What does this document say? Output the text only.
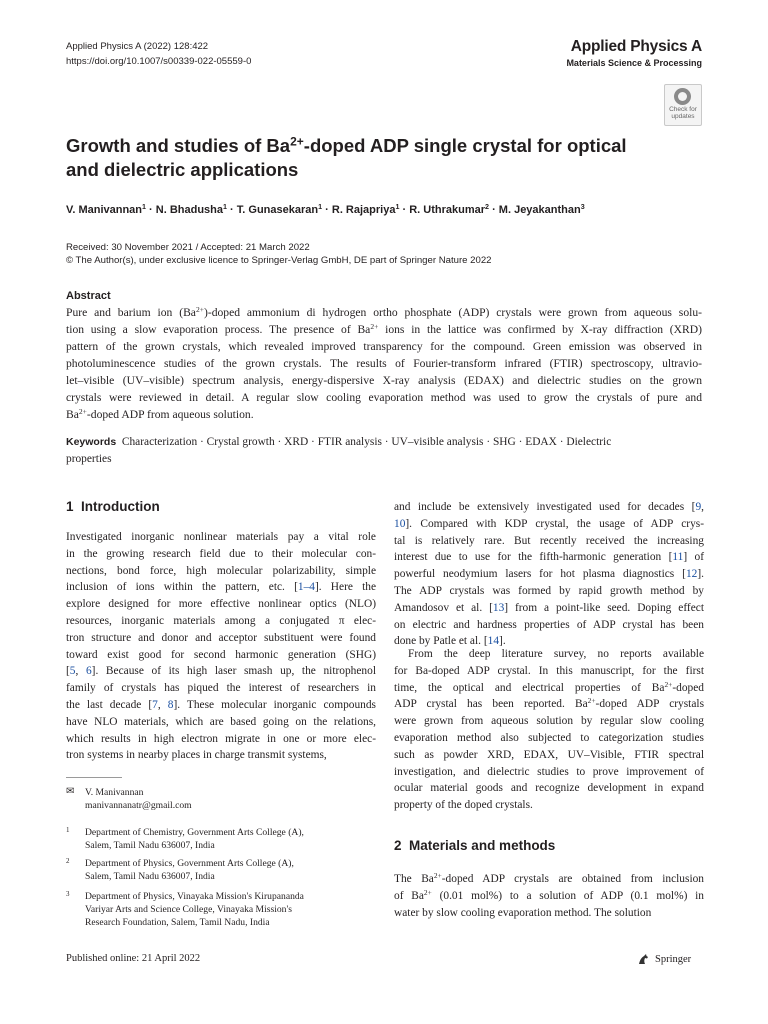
Applied Physics A (2022) 128:422
https://doi.org/10.1007/s00339-022-05559-0
Applied Physics A
Materials Science & Processing
Check for updates
Growth and studies of $Ba^{2+}$-doped ADP single crystal for optical
and dielectric applications
V. Manivannan$^1$ · N. Bhadusha$^1$ · T. Gunasekaran$^1$ · R. Rajapriya$^1$ · R. Uthrakumar$^2$ · M. Jeyakanthan$^3$
Received: 30 November 2021 / Accepted: 21 March 2022
© The Author(s), under exclusive licence to Springer-Verlag GmbH, DE part of Springer Nature 2022
Abstract
Pure and barium ion $(Ba^{2+})$-doped ammonium di hydrogen ortho phosphate (ADP) crystals were grown from aqueous solu-
tion using a slow evaporation process. The presence of $Ba^{2+}$ ions in the lattice was confirmed by X-ray diffraction (XRD)
pattern of the grown crystals, which revealed improved transparency for the compound. Green emission was observed in
photoluminescence studies of the grown crystals. The results of Fourier-transform infrared (FTIR) spectroscopy, ultravio-
let–visible (UV–visible) spectrum analysis, energy-dispersive X-ray analysis (EDAX) and dielectric studies on the grown
crystals were reviewed in detail. A regular slow cooling evaporation method was used to grow the crystals of pure and
$Ba^{2+}$-doped ADP from aqueous solution.
Keywords Characterization · Crystal growth · XRD · FTIR analysis · UV–visible analysis · SHG · EDAX · Dielectric
properties
1 Introduction
Investigated inorganic nonlinear materials pay a vital role
in the growing research field due to their molecular con-
nections, bond force, high molecular polarizability, simple
inclusion of ions within the pattern, etc. [1–4]. Here the
explore designed for more effective nonlinear optics (NLO)
resources, inorganic materials among a conjugated π elec-
tron structure and donor and acceptor substituent were found
toward exist good for second harmonic generation (SHG)
[5, 6]. Because of its high laser smash up, the nitrophenol
family of crystals has piqued the interest of researchers in
the last decade [7, 8]. These molecular inorganic compounds
have NLO materials, which are based going on the relations,
which results in high electron migrate in one or more elec-
tron systems in nearby places in charge transmit systems,
✉ V. Manivannan
manivannanatr@gmail.com
1 Department of Chemistry, Government Arts College (A),
Salem, Tamil Nadu 636007, India
2 Department of Physics, Government Arts College (A),
Salem, Tamil Nadu 636007, India
3 Department of Physics, Vinayaka Mission's Kirupananda
Variyar Arts and Science College, Vinayaka Mission's
Research Foundation, Salem, Tamil Nadu, India
and include be extensively investigated used for decades [9,
10]. Compared with KDP crystal, the usage of ADP crys-
tal is relatively rare. But recently received the increasing
interest due to use for the fifth-harmonic generation [11] of
powerful neodymium lasers for hot plasma diagnostics [12].
The ADP crystals was formed by rapid growth method by
Amandosov et al. [13] from a point-like seed. Doping effect
on electric and hardness properties of ADP crystal has been
done by Patle et al. [14].
From the deep literature survey, no reports available
for Ba-doped ADP crystal. In this manuscript, for the first
time, the optical and electrical properties of $Ba^{2+}$-doped
ADP crystal has been reported. $Ba^{2+}$-doped ADP crystals
were grown from aqueous solution by regular slow cooling
evaporation method also subjected to categorization studies
such as powder XRD, EDAX, UV–Visible, FTIR spectral
investigation, and dielectric studies to prove improvement of
ocular material goods and recognize development in expand
property of the doped crystals.
2 Materials and methods
The $Ba^{2+}$-doped ADP crystals are obtained from inclusion
of $Ba^{2+}$ (0.01 mol%) to a solution of ADP (0.1 mol%) in
water by slow cooling evaporation method. The solution
Published online: 21 April 2022	Springer
